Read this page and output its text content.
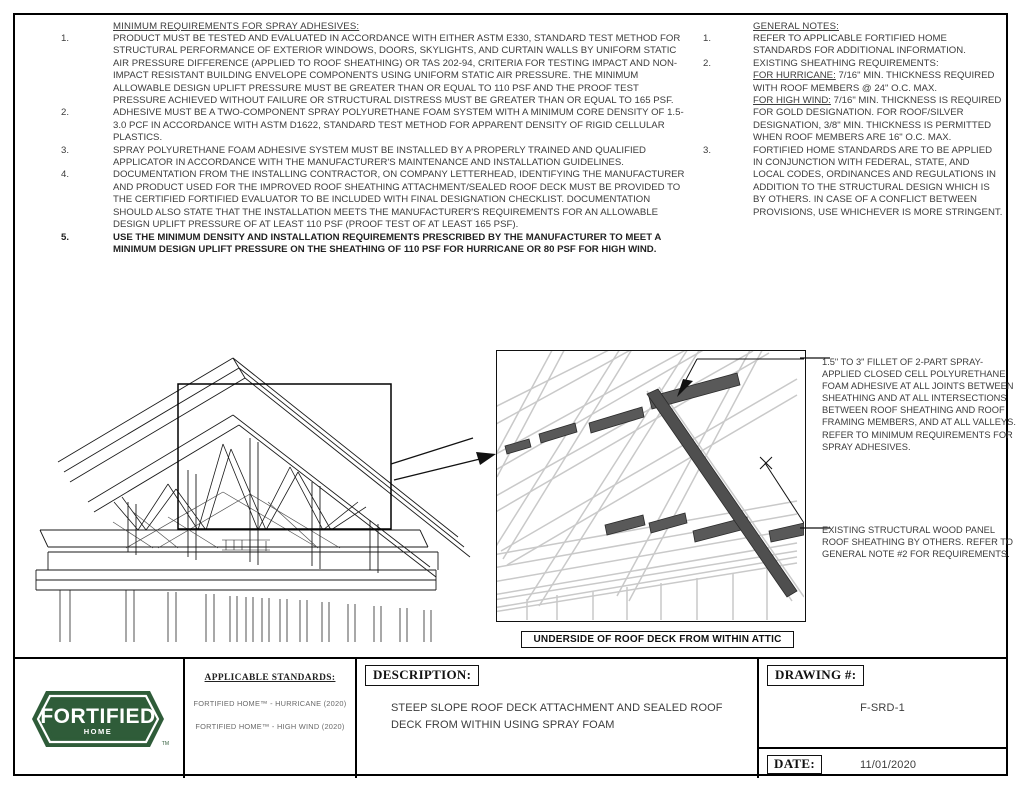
MINIMUM REQUIREMENTS FOR SPRAY ADHESIVES:
1.	PRODUCT MUST BE TESTED AND EVALUATED IN ACCORDANCE WITH EITHER ASTM E330, STANDARD TEST METHOD FOR STRUCTURAL PERFORMANCE OF EXTERIOR WINDOWS, DOORS, SKYLIGHTS, AND CURTAIN WALLS BY UNIFORM STATIC AIR PRESSURE DIFFERENCE (APPLIED TO ROOF SHEATHING) OR TAS 202-94, CRITERIA FOR TESTING IMPACT AND NON-IMPACT RESISTANT BUILDING ENVELOPE COMPONENTS USING UNIFORM STATIC AIR PRESSURE. THE MINIMUM ALLOWABLE DESIGN UPLIFT PRESSURE MUST BE GREATER THAN OR EQUAL TO 110 PSF AND THE PROOF TEST PRESSURE ACHIEVED WITHOUT FAILURE OR STRUCTURAL DISTRESS MUST BE GREATER THAN OR EQUAL TO 165 PSF.
2.	ADHESIVE MUST BE A TWO-COMPONENT SPRAY POLYURETHANE FOAM SYSTEM WITH A MINIMUM CORE DENSITY OF 1.5-3.0 PCF IN ACCORDANCE WITH ASTM D1622, STANDARD TEST METHOD FOR APPARENT DENSITY OF RIGID CELLULAR PLASTICS.
3.	SPRAY POLYURETHANE FOAM ADHESIVE SYSTEM MUST BE INSTALLED BY A PROPERLY TRAINED AND QUALIFIED APPLICATOR IN ACCORDANCE WITH THE MANUFACTURER'S MAINTENANCE AND INSTALLATION GUIDELINES.
4.	DOCUMENTATION FROM THE INSTALLING CONTRACTOR, ON COMPANY LETTERHEAD, IDENTIFYING THE MANUFACTURER AND PRODUCT USED FOR THE IMPROVED ROOF SHEATHING ATTACHMENT/SEALED ROOF DECK MUST BE PROVIDED TO THE CERTIFIED FORTIFIED EVALUATOR TO BE INCLUDED WITH FINAL DESIGNATION CHECKLIST. DOCUMENTATION SHOULD ALSO STATE THAT THE INSTALLATION MEETS THE MANUFACTURER'S REQUIREMENTS FOR AN ALLOWABLE DESIGN UPLIFT PRESSURE OF AT LEAST 110 PSF (PROOF TEST OF AT LEAST 165 PSF).
5.	USE THE MINIMUM DENSITY AND INSTALLATION REQUIREMENTS PRESCRIBED BY THE MANUFACTURER TO MEET A MINIMUM DESIGN UPLIFT PRESSURE ON THE SHEATHING OF 110 PSF FOR HURRICANE OR 80 PSF FOR HIGH WIND.
GENERAL NOTES:
1.	REFER TO APPLICABLE FORTIFIED HOME STANDARDS FOR ADDITIONAL INFORMATION.
2.	EXISTING SHEATHING REQUIREMENTS:
FOR HURRICANE: 7/16" MIN. THICKNESS REQUIRED WITH ROOF MEMBERS @ 24" O.C. MAX.
FOR HIGH WIND: 7/16" MIN. THICKNESS IS REQUIRED FOR GOLD DESIGNATION. FOR ROOF/SILVER DESIGNATION, 3/8" MIN. THICKNESS IS PERMITTED WHEN ROOF MEMBERS ARE 16" O.C. MAX.
3.	FORTIFIED HOME STANDARDS ARE TO BE APPLIED IN CONJUNCTION WITH FEDERAL, STATE, AND LOCAL CODES, ORDINANCES AND REGULATIONS IN ADDITION TO THE STRUCTURAL DESIGN WHICH IS BY OTHERS. IN CASE OF A CONFLICT BETWEEN PROVISIONS, USE WHICHEVER IS MORE STRINGENT.
1.5" TO 3" FILLET OF 2-PART SPRAY-APPLIED CLOSED CELL POLYURETHANE FOAM ADHESIVE AT ALL JOINTS BETWEEN SHEATHING AND AT ALL INTERSECTIONS BETWEEN ROOF SHEATHING AND ROOF FRAMING MEMBERS, AND AT ALL VALLEYS. REFER TO MINIMUM REQUIREMENTS FOR SPRAY ADHESIVES.
EXISTING STRUCTURAL WOOD PANEL ROOF SHEATHING BY OTHERS. REFER TO GENERAL NOTE #2 FOR REQUIREMENTS.
UNDERSIDE OF ROOF DECK FROM WITHIN ATTIC
FORTIFIED
HOME
TM
APPLICABLE STANDARDS:
FORTIFIED HOME™ - HURRICANE (2020)
FORTIFIED HOME™ - HIGH WIND (2020)
DESCRIPTION:
STEEP SLOPE ROOF DECK ATTACHMENT AND SEALED ROOF DECK FROM WITHIN USING SPRAY FOAM
DRAWING #:
F-SRD-1
DATE:	11/01/2020
